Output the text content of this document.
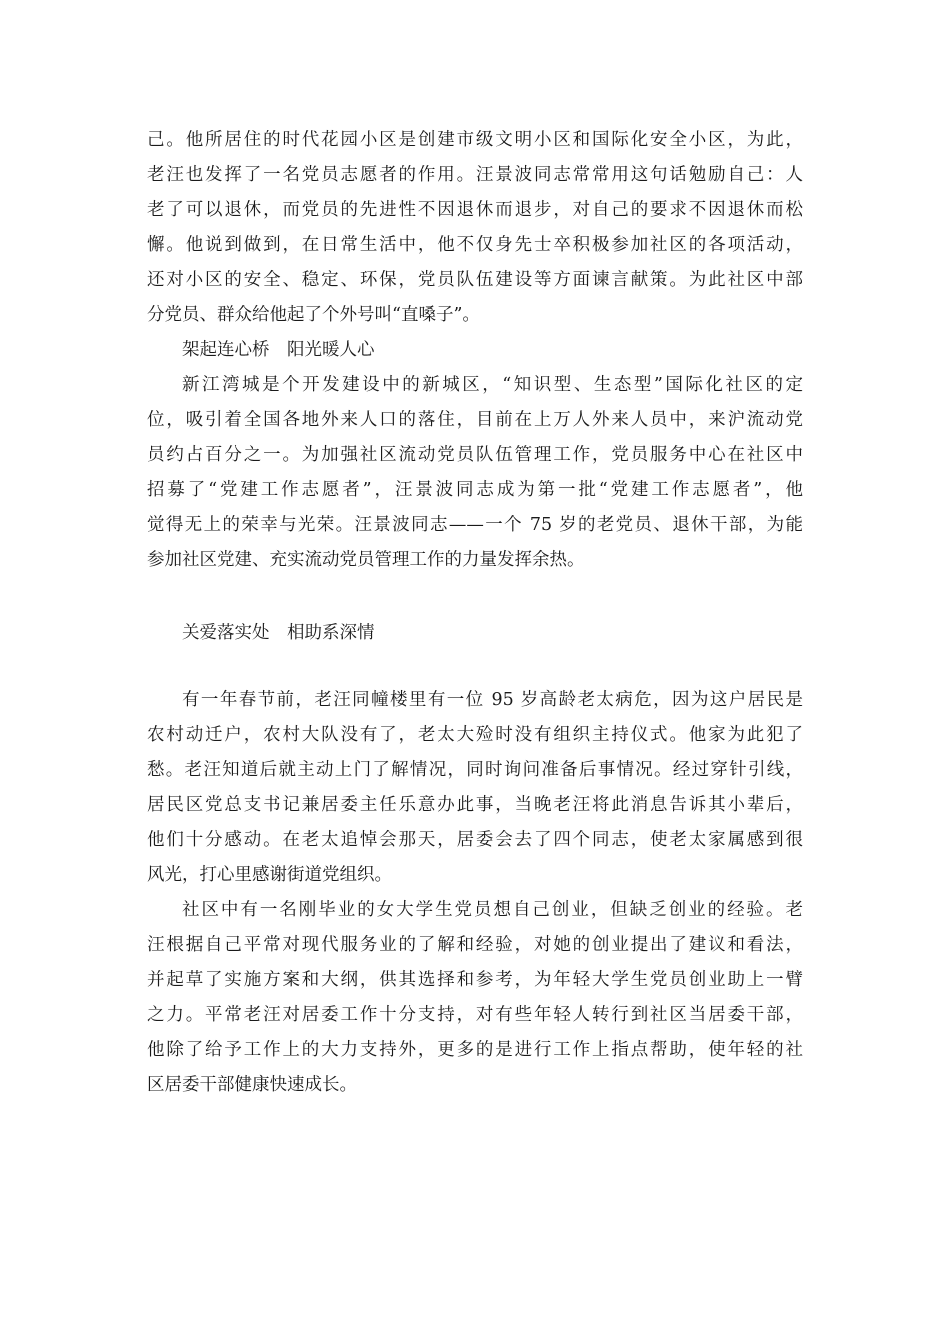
己。他所居住的时代花园小区是创建市级文明小区和国际化安全小区，为此，
老汪也发挥了一名党员志愿者的作用。汪景波同志常常用这句话勉励自己：人
老了可以退休，而党员的先进性不因退休而退步，对自己的要求不因退休而松
懈。他说到做到，在日常生活中，他不仅身先士卒积极参加社区的各项活动，
还对小区的安全、稳定、环保，党员队伍建设等方面谏言献策。为此社区中部
分党员、群众给他起了个外号叫“直嗓子”。
架起连心桥　阳光暖人心
新江湾城是个开发建设中的新城区，“知识型、生态型”国际化社区的定
位，吸引着全国各地外来人口的落住，目前在上万人外来人员中，来沪流动党
员约占百分之一。为加强社区流动党员队伍管理工作，党员服务中心在社区中
招募了“党建工作志愿者”，汪景波同志成为第一批“党建工作志愿者”，他
觉得无上的荣幸与光荣。汪景波同志——一个 75 岁的老党员、退休干部，为能
参加社区党建、充实流动党员管理工作的力量发挥余热。
关爱落实处　相助系深情
有一年春节前，老汪同幢楼里有一位 95 岁高龄老太病危，因为这户居民是
农村动迁户，农村大队没有了，老太大殓时没有组织主持仪式。他家为此犯了
愁。老汪知道后就主动上门了解情况，同时询问准备后事情况。经过穿针引线，
居民区党总支书记兼居委主任乐意办此事，当晚老汪将此消息告诉其小辈后，
他们十分感动。在老太追悼会那天，居委会去了四个同志，使老太家属感到很
风光，打心里感谢街道党组织。
社区中有一名刚毕业的女大学生党员想自己创业，但缺乏创业的经验。老
汪根据自己平常对现代服务业的了解和经验，对她的创业提出了建议和看法，
并起草了实施方案和大纲，供其选择和参考，为年轻大学生党员创业助上一臂
之力。平常老汪对居委工作十分支持，对有些年轻人转行到社区当居委干部，
他除了给予工作上的大力支持外，更多的是进行工作上指点帮助，使年轻的社
区居委干部健康快速成长。
